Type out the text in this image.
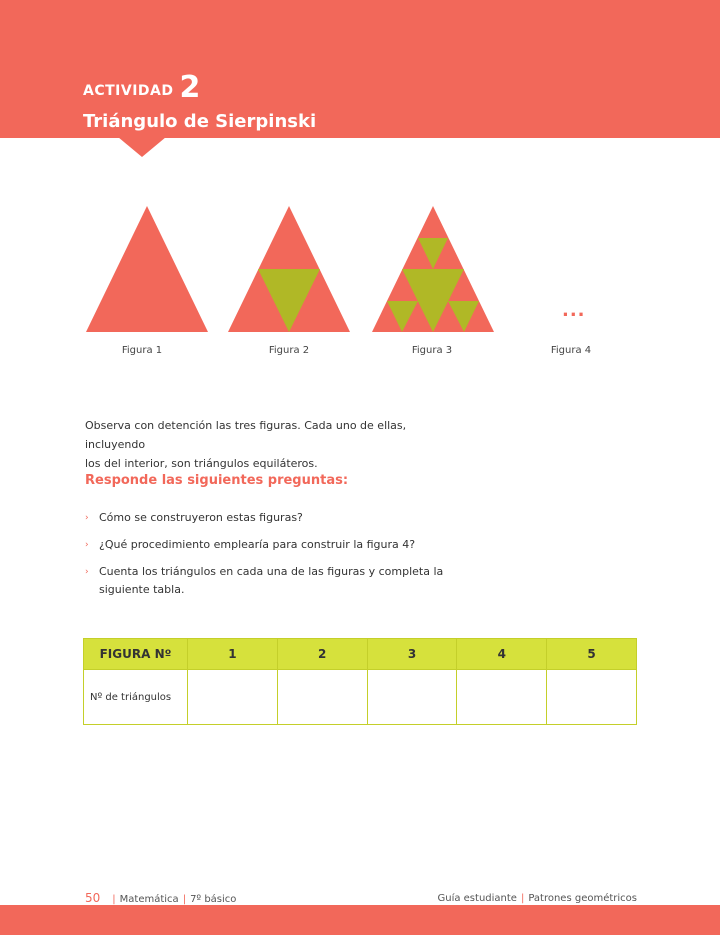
ACTIVIDAD 2
Triángulo de Sierpinski
...
Figura 1	Figura 2	Figura 3	Figura 4

Observa con detención las tres figuras. Cada uno de ellas, incluyendo

los del interior, son triángulos equiláteros.

Responde las siguientes preguntas:
› Cómo se construyeron estas figuras?
› ¿Qué procedimiento emplearía para construir la figura 4?
› Cuenta los triángulos en cada una de las figuras y completa la siguiente tabla.
FIGURA Nº	1	2	3	4	5
Nº de triángulos					
50 | Matemática | 7º básico	Guía estudiante | Patrones geométricos
